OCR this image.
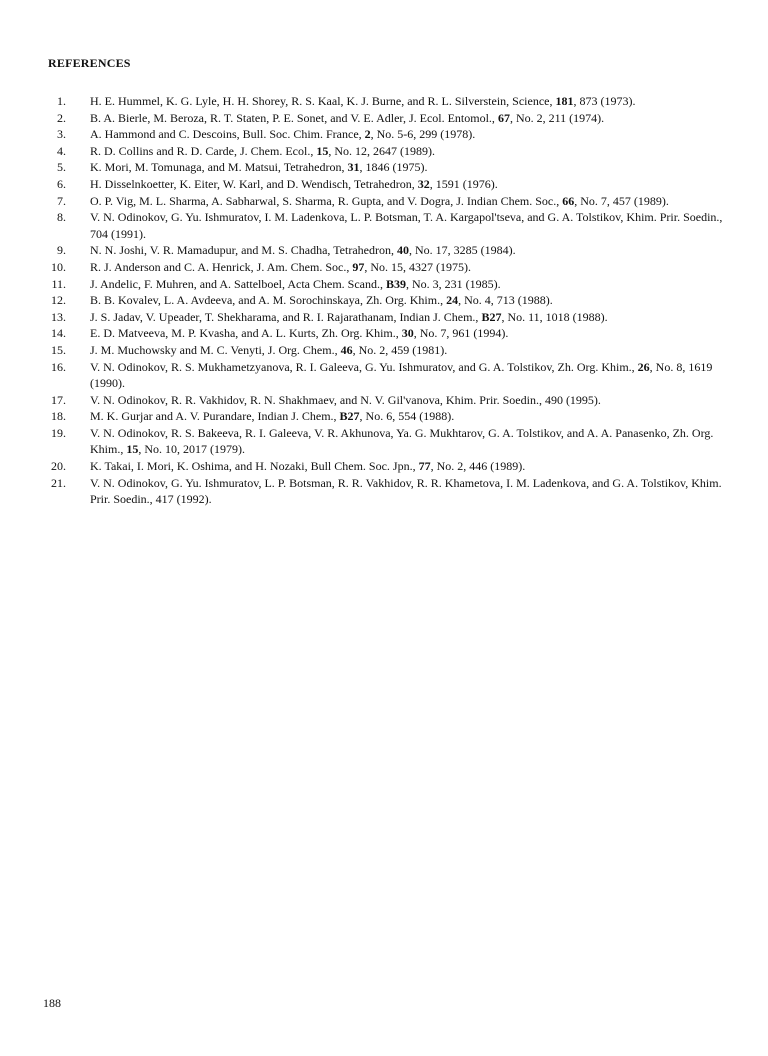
REFERENCES
1. H. E. Hummel, K. G. Lyle, H. H. Shorey, R. S. Kaal, K. J. Burne, and R. L. Silverstein, Science, 181, 873 (1973).
2. B. A. Bierle, M. Beroza, R. T. Staten, P. E. Sonet, and V. E. Adler, J. Ecol. Entomol., 67, No. 2, 211 (1974).
3. A. Hammond and C. Descoins, Bull. Soc. Chim. France, 2, No. 5-6, 299 (1978).
4. R. D. Collins and R. D. Carde, J. Chem. Ecol., 15, No. 12, 2647 (1989).
5. K. Mori, M. Tomunaga, and M. Matsui, Tetrahedron, 31, 1846 (1975).
6. H. Disselnkoetter, K. Eiter, W. Karl, and D. Wendisch, Tetrahedron, 32, 1591 (1976).
7. O. P. Vig, M. L. Sharma, A. Sabharwal, S. Sharma, R. Gupta, and V. Dogra, J. Indian Chem. Soc., 66, No. 7, 457 (1989).
8. V. N. Odinokov, G. Yu. Ishmuratov, I. M. Ladenkova, L. P. Botsman, T. A. Kargapol'tseva, and G. A. Tolstikov, Khim. Prir. Soedin., 704 (1991).
9. N. N. Joshi, V. R. Mamadupur, and M. S. Chadha, Tetrahedron, 40, No. 17, 3285 (1984).
10. R. J. Anderson and C. A. Henrick, J. Am. Chem. Soc., 97, No. 15, 4327 (1975).
11. J. Andelic, F. Muhren, and A. Sattelboel, Acta Chem. Scand., B39, No. 3, 231 (1985).
12. B. B. Kovalev, L. A. Avdeeva, and A. M. Sorochinskaya, Zh. Org. Khim., 24, No. 4, 713 (1988).
13. J. S. Jadav, V. Upeader, T. Shekharama, and R. I. Rajarathanam, Indian J. Chem., B27, No. 11, 1018 (1988).
14. E. D. Matveeva, M. P. Kvasha, and A. L. Kurts, Zh. Org. Khim., 30, No. 7, 961 (1994).
15. J. M. Muchowsky and M. C. Venyti, J. Org. Chem., 46, No. 2, 459 (1981).
16. V. N. Odinokov, R. S. Mukhametzyanova, R. I. Galeeva, G. Yu. Ishmuratov, and G. A. Tolstikov, Zh. Org. Khim., 26, No. 8, 1619 (1990).
17. V. N. Odinokov, R. R. Vakhidov, R. N. Shakhmaev, and N. V. Gil'vanova, Khim. Prir. Soedin., 490 (1995).
18. M. K. Gurjar and A. V. Purandare, Indian J. Chem., B27, No. 6, 554 (1988).
19. V. N. Odinokov, R. S. Bakeeva, R. I. Galeeva, V. R. Akhunova, Ya. G. Mukhtarov, G. A. Tolstikov, and A. A. Panasenko, Zh. Org. Khim., 15, No. 10, 2017 (1979).
20. K. Takai, I. Mori, K. Oshima, and H. Nozaki, Bull Chem. Soc. Jpn., 77, No. 2, 446 (1989).
21. V. N. Odinokov, G. Yu. Ishmuratov, L. P. Botsman, R. R. Vakhidov, R. R. Khametova, I. M. Ladenkova, and G. A. Tolstikov, Khim. Prir. Soedin., 417 (1992).
188
